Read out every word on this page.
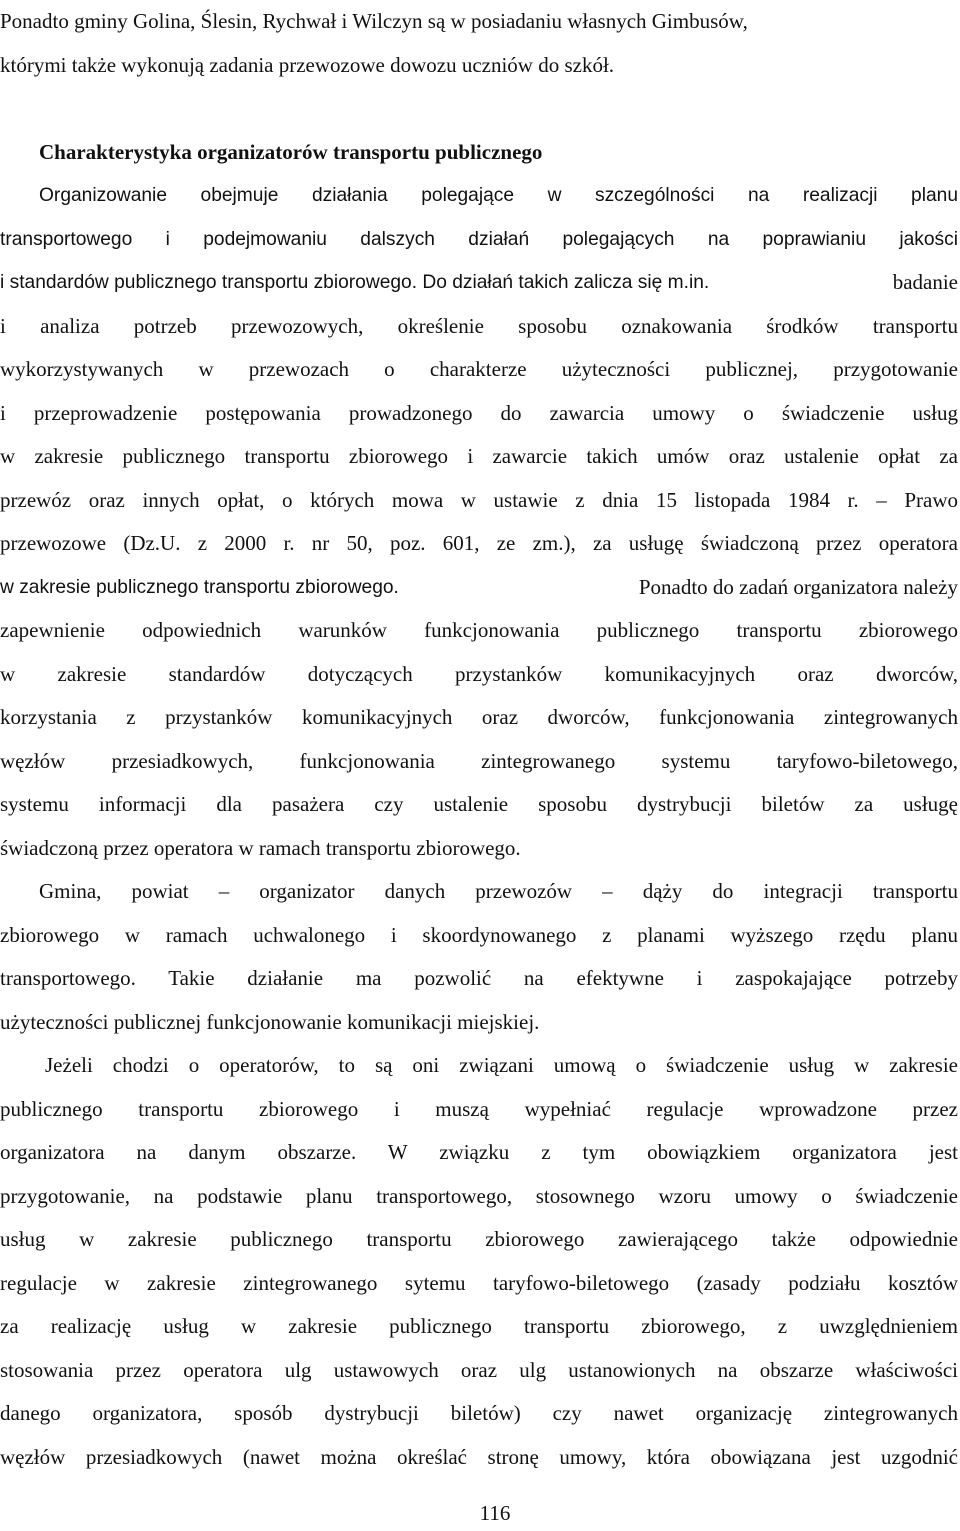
Ponadto gminy Golina, Ślesin, Rychwał i Wilczyn są w posiadaniu własnych Gimbusów,
którymi także wykonują zadania przewozowe dowozu uczniów do szkół.
Charakterystyka organizatorów transportu publicznego
Organizowanie obejmuje działania polegające w szczególności na realizacji planu
transportowego i podejmowaniu dalszych działań polegających na poprawianiu jakości
i standardów publicznego transportu zbiorowego. Do działań takich zalicza się m.in.	badanie
i analiza potrzeb przewozowych, określenie sposobu oznakowania środków transportu
wykorzystywanych w przewozach o charakterze użyteczności publicznej, przygotowanie
i przeprowadzenie postępowania prowadzonego do zawarcia umowy o świadczenie usług
w zakresie publicznego transportu zbiorowego i zawarcie takich umów oraz ustalenie opłat za
przewóz oraz innych opłat, o których mowa w ustawie z dnia 15 listopada 1984 r. – Prawo
przewozowe (Dz.U. z 2000 r. nr 50, poz. 601, ze zm.), za usługę świadczoną przez operatora
w zakresie publicznego transportu zbiorowego.	Ponadto do zadań organizatora należy
zapewnienie odpowiednich warunków funkcjonowania publicznego transportu zbiorowego
w zakresie standardów dotyczących przystanków komunikacyjnych oraz dworców,
korzystania z przystanków komunikacyjnych oraz dworców, funkcjonowania zintegrowanych
węzłów przesiadkowych, funkcjonowania zintegrowanego systemu taryfowo-biletowego,
systemu informacji dla pasażera czy ustalenie sposobu dystrybucji biletów za usługę
świadczoną przez operatora w ramach transportu zbiorowego.
Gmina, powiat – organizator danych przewozów – dąży do integracji transportu
zbiorowego w ramach uchwalonego i skoordynowanego z planami wyższego rzędu planu
transportowego. Takie działanie ma pozwolić na efektywne i zaspokajające potrzeby
użyteczności publicznej funkcjonowanie komunikacji miejskiej.
Jeżeli chodzi o operatorów, to są oni związani umową o świadczenie usług w zakresie
publicznego transportu zbiorowego i muszą wypełniać regulacje wprowadzone przez
organizatora na danym obszarze. W związku z tym obowiązkiem organizatora jest
przygotowanie, na podstawie planu transportowego, stosownego wzoru umowy o świadczenie
usług w zakresie publicznego transportu zbiorowego zawierającego także odpowiednie
regulacje w zakresie zintegrowanego sytemu taryfowo-biletowego (zasady podziału kosztów
za realizację usług w zakresie publicznego transportu zbiorowego, z uwzględnieniem
stosowania przez operatora ulg ustawowych oraz ulg ustanowionych na obszarze właściwości
danego organizatora, sposób dystrybucji biletów) czy nawet organizację zintegrowanych
węzłów przesiadkowych (nawet można określać stronę umowy, która obowiązana jest uzgodnić
116
